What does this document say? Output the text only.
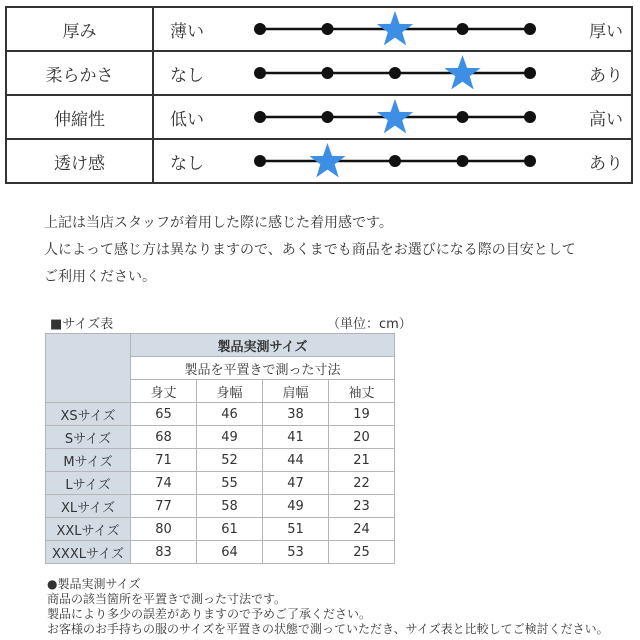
厚み	薄い	厚い
柔らかさ	なし	あり
伸縮性	低い	高い
透け感	なし	あり
上記は当店スタッフが着用した際に感じた着用感です。
人によって感じ方は異なりますので、あくまでも商品をお選びになる際の目安として
ご利用ください。
■サイズ表	（単位：cm）
	製品実測サイズ			
	製品を平置きで測った寸法			
	身丈	身幅	肩幅	袖丈
XSサイズ	65	46	38	19
Sサイズ	68	49	41	20
Mサイズ	71	52	44	21
Lサイズ	74	55	47	22
XLサイズ	77	58	49	23
XXLサイズ	80	61	51	24
XXXLサイズ	83	64	53	25
●製品実測サイズ
商品の該当箇所を平置きで測った寸法です。
製品により多少の誤差がありますので予めご了承ください。
お客様のお手持ちの服のサイズを平置きの状態で測っていただき、サイズ表と比較してご検討ください。
